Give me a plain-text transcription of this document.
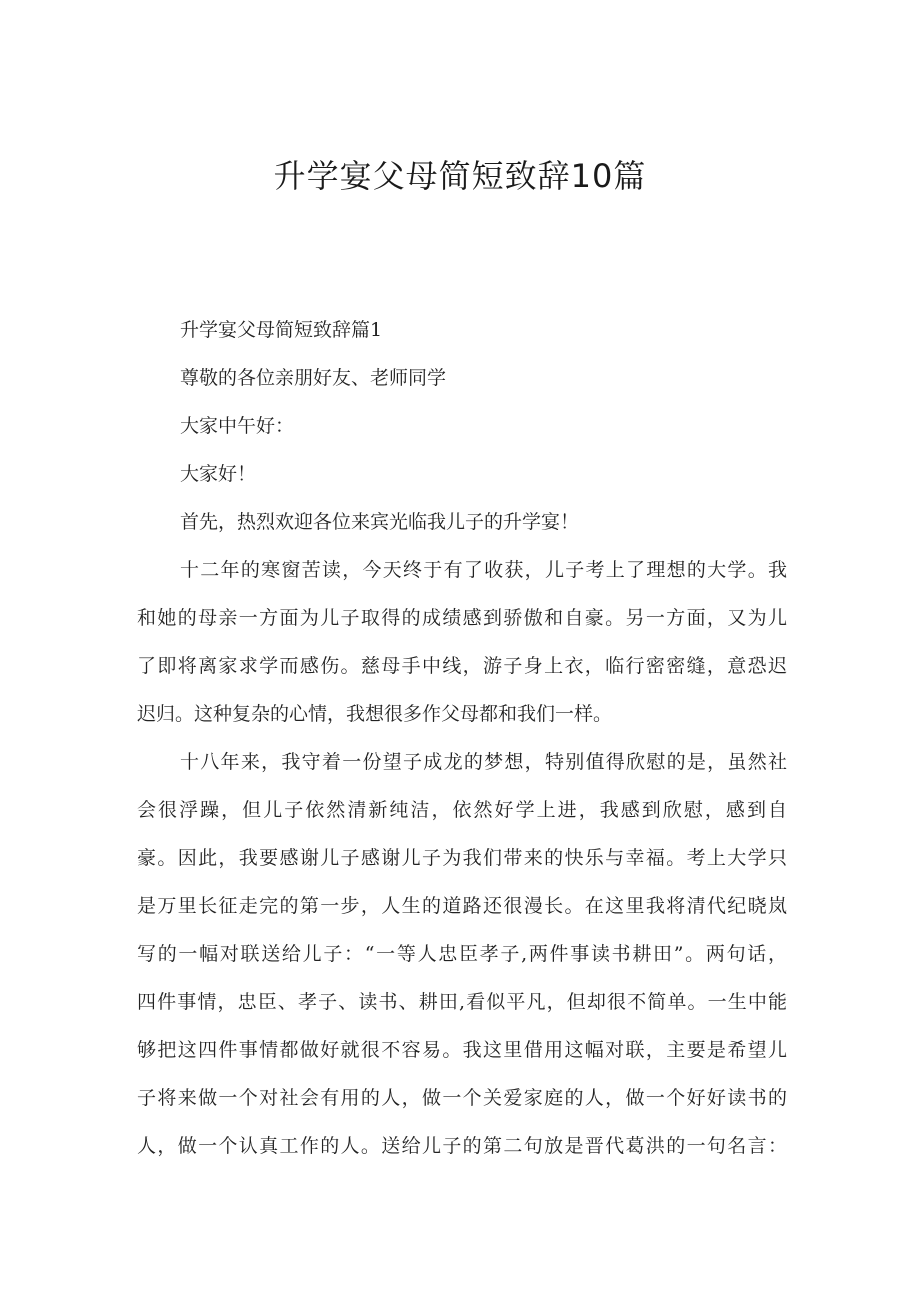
升学宴父母简短致辞10篇
升学宴父母简短致辞篇1
尊敬的各位亲朋好友、老师同学
大家中午好：
大家好！
首先，热烈欢迎各位来宾光临我儿子的升学宴！
十二年的寒窗苦读，今天终于有了收获，儿子考上了理想的大学。我
和她的母亲一方面为儿子取得的成绩感到骄傲和自豪。另一方面，又为儿
了即将离家求学而感伤。慈母手中线，游子身上衣，临行密密缝，意恐迟
迟归。这种复杂的心情，我想很多作父母都和我们一样。
十八年来，我守着一份望子成龙的梦想，特别值得欣慰的是，虽然社
会很浮躁，但儿子依然清新纯洁，依然好学上进，我感到欣慰，感到自
豪。因此，我要感谢儿子感谢儿子为我们带来的快乐与幸福。考上大学只
是万里长征走完的第一步，人生的道路还很漫长。在这里我将清代纪晓岚
写的一幅对联送给儿子：“一等人忠臣孝子,两件事读书耕田”。两句话，
四件事情，忠臣、孝子、读书、耕田,看似平凡，但却很不简单。一生中能
够把这四件事情都做好就很不容易。我这里借用这幅对联，主要是希望儿
子将来做一个对社会有用的人，做一个关爱家庭的人，做一个好好读书的
人，做一个认真工作的人。送给儿子的第二句放是晋代葛洪的一句名言：
